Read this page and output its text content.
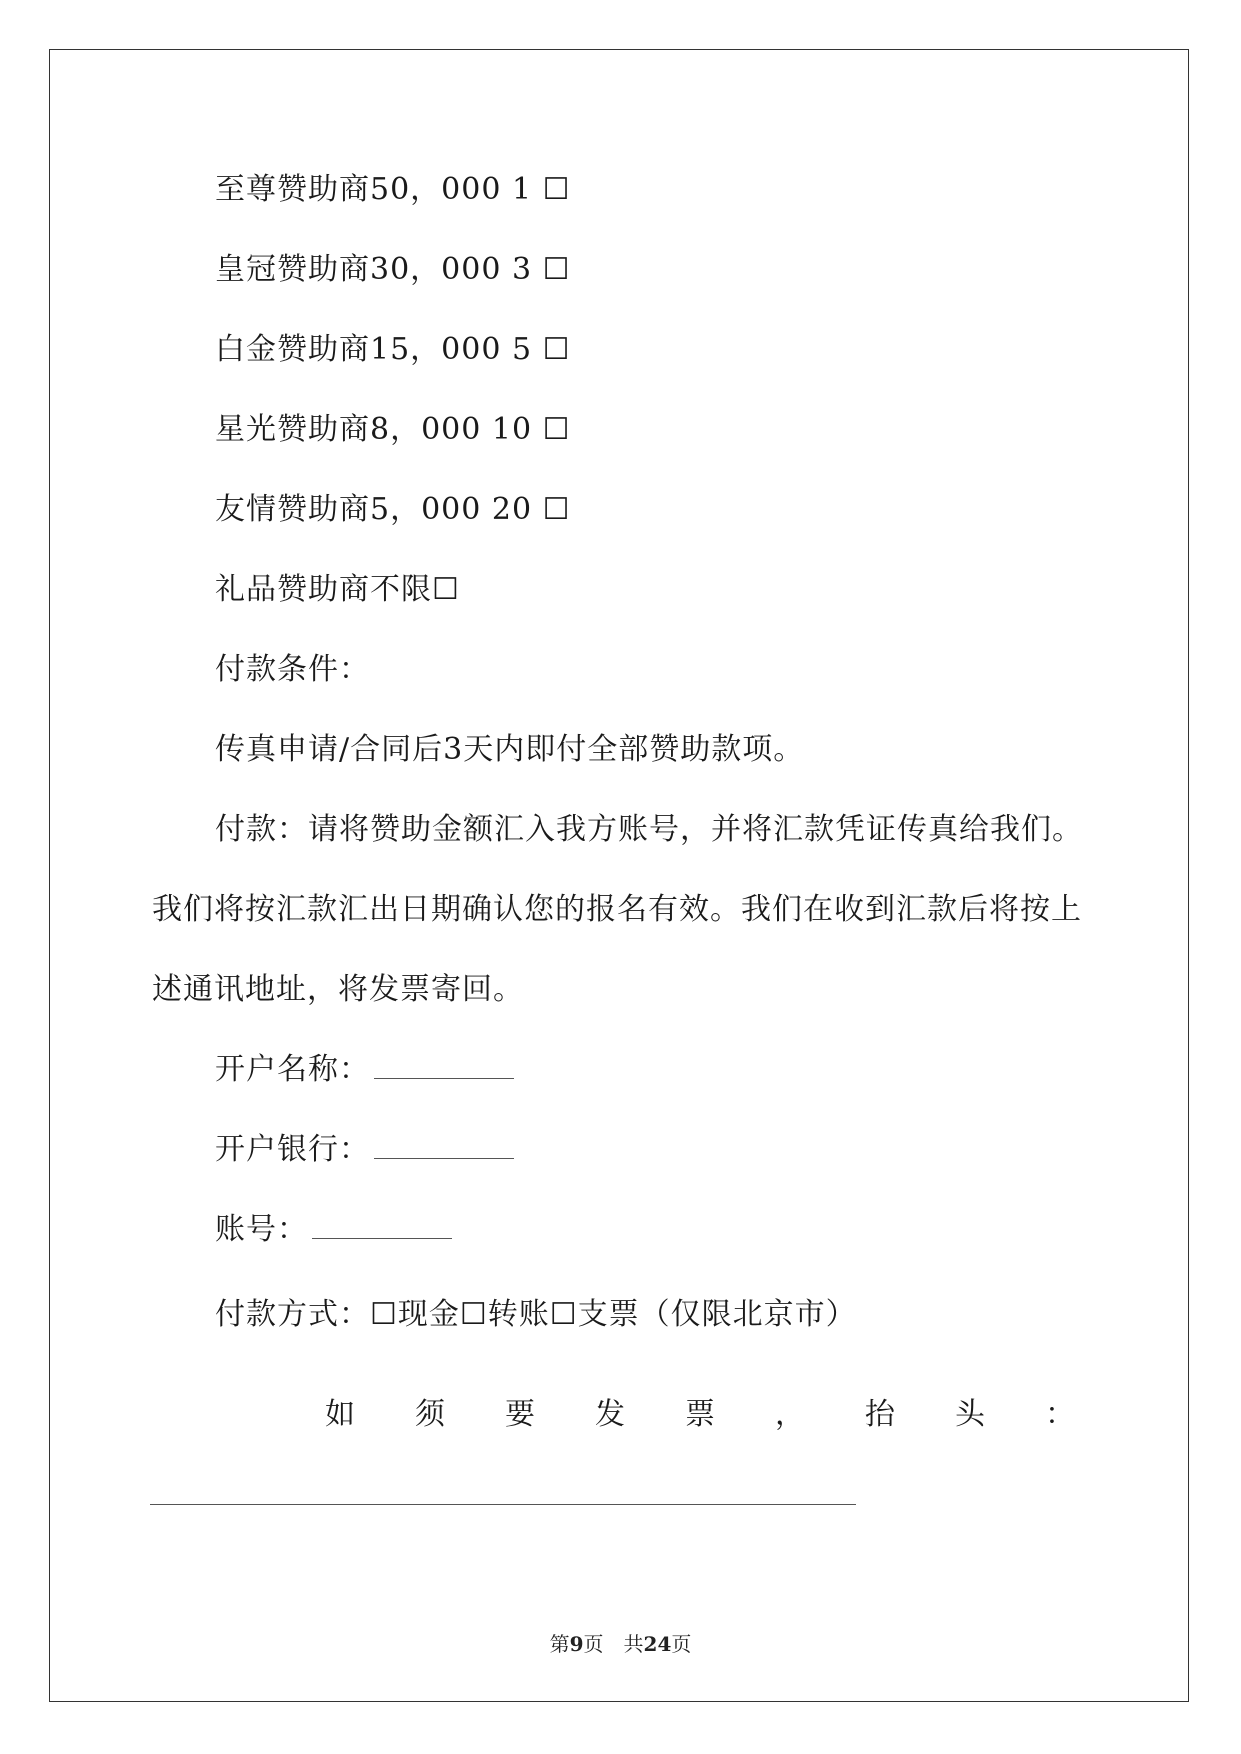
至尊赞助商50，000 1 ☐
皇冠赞助商30，000 3 ☐
白金赞助商15，000 5 ☐
星光赞助商8，000 10 ☐
友情赞助商5，000 20 ☐
礼品赞助商不限☐
付款条件：
传真申请/合同后3天内即付全部赞助款项。
付款：请将赞助金额汇入我方账号，并将汇款凭证传真给我们。
我们将按汇款汇出日期确认您的报名有效。我们在收到汇款后将按上
述通讯地址，将发票寄回。
开户名称：
开户银行：
账号：
付款方式：☐现金☐转账☐支票（仅限北京市）
如 须 要 发 票 ， 抬 头 ：
第9页　共24页
